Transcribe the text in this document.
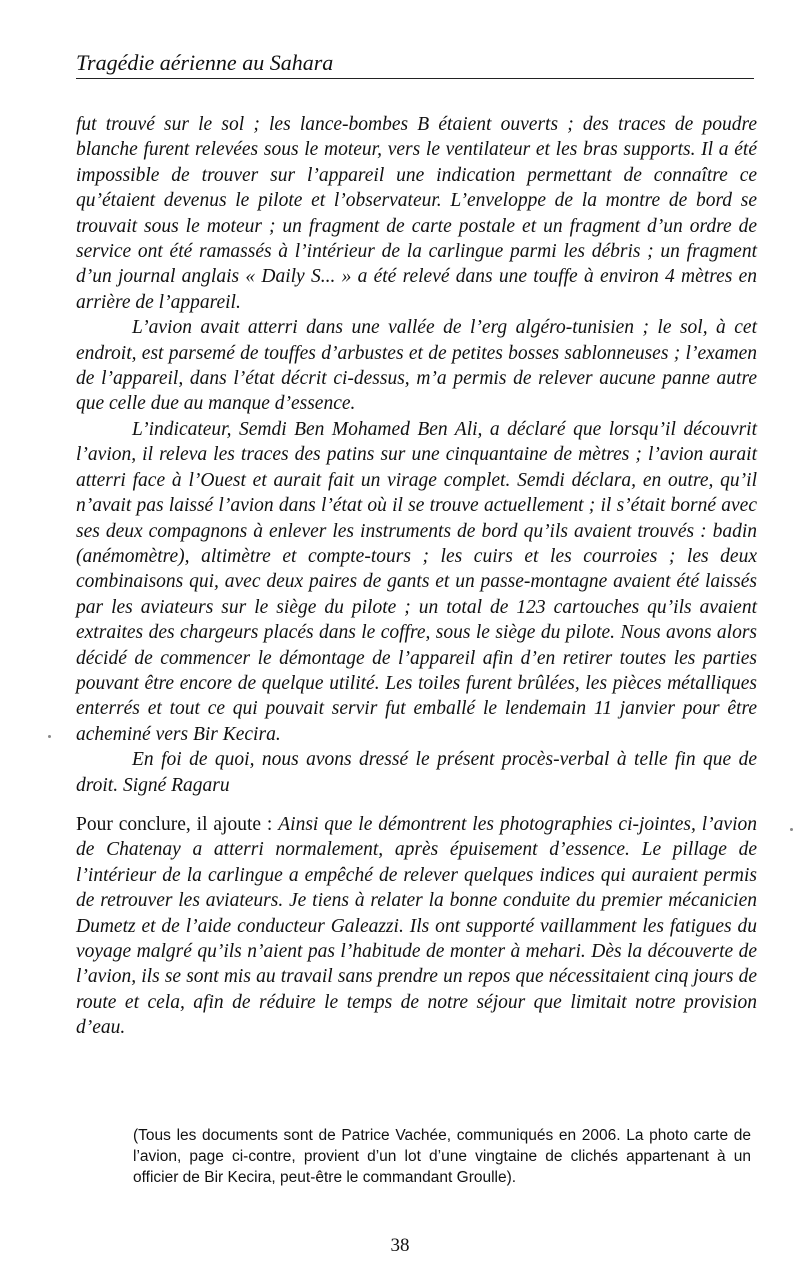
Tragédie aérienne au Sahara

fut trouvé sur le sol ; les lance-bombes B étaient ouverts ; des traces de poudre blanche furent relevées sous le moteur, vers le ventilateur et les bras supports. Il a été impossible de trouver sur l’appareil une indication permettant de connaître ce qu’étaient devenus le pilote et l’observateur. L’enveloppe de la montre de bord se trouvait sous le moteur ; un fragment de carte postale et un fragment d’un ordre de service ont été ramassés à l’intérieur de la carlingue parmi les débris ; un fragment d’un journal anglais « Daily S... » a été relevé dans une touffe à environ 4 mètres en arrière de l’appareil.

L’avion avait atterri dans une vallée de l’erg algéro-tunisien ; le sol, à cet endroit, est parsemé de touffes d’arbustes et de petites bosses sablonneuses ; l’examen de l’appareil, dans l’état décrit ci-dessus, m’a permis de relever aucune panne autre que celle due au manque d’essence.

L’indicateur, Semdi Ben Mohamed Ben Ali, a déclaré que lorsqu’il découvrit l’avion, il releva les traces des patins sur une cinquantaine de mètres ; l’avion aurait atterri face à l’Ouest et aurait fait un virage complet. Semdi déclara, en outre, qu’il n’avait pas laissé l’avion dans l’état où il se trouve actuellement ; il s’était borné avec ses deux compagnons à enlever les instruments de bord qu’ils avaient trouvés : badin (anémomètre), altimètre et compte-tours ; les cuirs et les courroies ; les deux combinaisons qui, avec deux paires de gants et un passe-montagne avaient été laissés par les aviateurs sur le siège du pilote ; un total de 123 cartouches qu’ils avaient extraites des chargeurs placés dans le coffre, sous le siège du pilote. Nous avons alors décidé de commencer le démontage de l’appareil afin d’en retirer toutes les parties pouvant être encore de quelque utilité. Les toiles furent brûlées, les pièces métalliques enterrés et tout ce qui pouvait servir fut emballé le lendemain 11 janvier pour être acheminé vers Bir Kecira.

En foi de quoi, nous avons dressé le présent procès-verbal à telle fin que de droit. Signé Ragaru

Pour conclure, il ajoute : Ainsi que le démontrent les photographies ci-jointes, l’avion de Chatenay a atterri normalement, après épuisement d’essence. Le pillage de l’intérieur de la carlingue a empêché de relever quelques indices qui auraient permis de retrouver les aviateurs. Je tiens à relater la bonne conduite du premier mécanicien Dumetz et de l’aide conducteur Galeazzi. Ils ont supporté vaillamment les fatigues du voyage malgré qu’ils n’aient pas l’habitude de monter à mehari. Dès la découverte de l’avion, ils se sont mis au travail sans prendre un repos que nécessitaient cinq jours de route et cela, afin de réduire le temps de notre séjour que limitait notre provision d’eau.

(Tous les documents sont de Patrice Vachée, communiqués en 2006. La photo carte de l’avion, page ci-contre, provient d’un lot d’une vingtaine de clichés appartenant à un officier de Bir Kecira, peut-être le commandant Groulle).
38
